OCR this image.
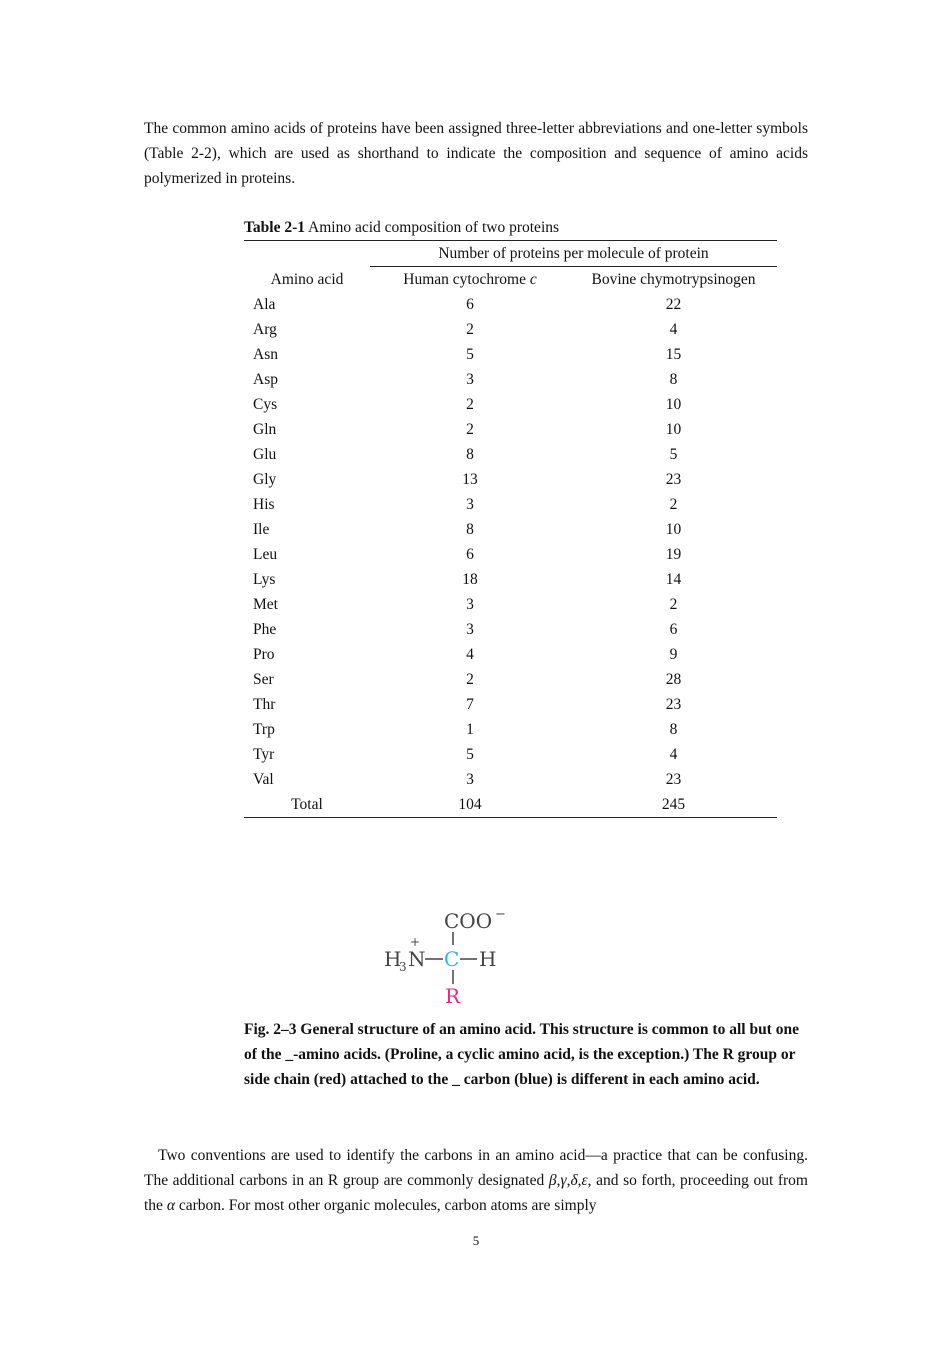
The common amino acids of proteins have been assigned three-letter abbreviations and one-letter symbols (Table 2-2), which are used as shorthand to indicate the composition and sequence of amino acids polymerized in proteins.

Table 2-1 Amino acid composition of two proteins
	Number of proteins per molecule of protein	
Amino acid	Human cytochrome c	Bovine chymotrypsinogen
Ala	6	22
Arg	2	4
Asn	5	15
Asp	3	8
Cys	2	10
Gln	2	10
Glu	8	5
Gly	13	23
His	3	2
Ile	8	10
Leu	6	19
Lys	18	14
Met	3	2
Phe	3	6
Pro	4	9
Ser	2	28
Thr	7	23
Trp	1	8
Tyr	5	4
Val	3	23
Total	104	245
COO −
H
3 N
+
C H
R

Fig. 2–3 General structure of an amino acid. This structure is common to all but one of the _-amino acids. (Proline, a cyclic amino acid, is the exception.) The R group or side chain (red) attached to the _ carbon (blue) is different in each amino acid.

Two conventions are used to identify the carbons in an amino acid—a practice that can be confusing. The additional carbons in an R group are commonly designated β,γ,δ,ε, and so forth, proceeding out from the α carbon. For most other organic molecules, carbon atoms are simply

5
